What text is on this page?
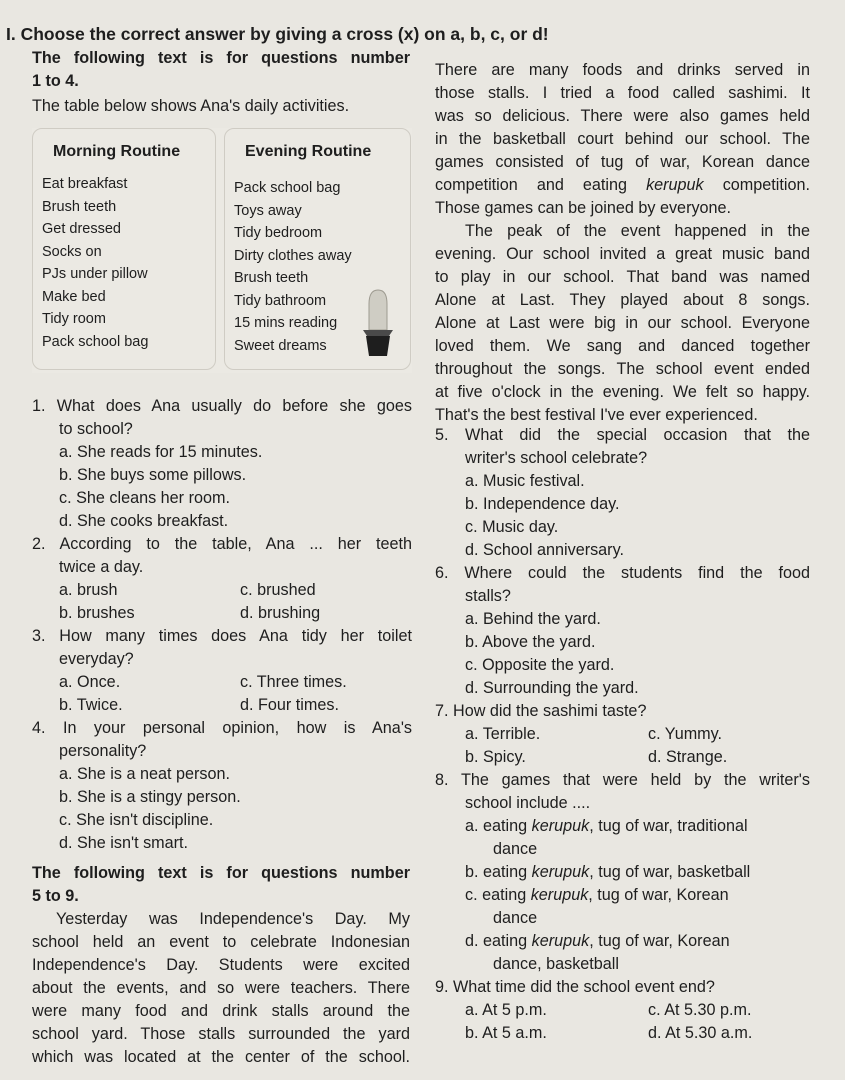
I. Choose the correct answer by giving a cross (x) on a, b, c, or d!
The following text is for questions number
1 to 4.
The table below shows Ana's daily activities.
Morning Routine
Eat breakfast
Brush teeth
Get dressed
Socks on
PJs under pillow
Make bed
Tidy room
Pack school bag
Evening Routine
Pack school bag
Toys away
Tidy bedroom
Dirty clothes away
Brush teeth
Tidy bathroom
15 mins reading
Sweet dreams
1. What does Ana usually do before she goes
to school?
a. She reads for 15 minutes.
b. She buys some pillows.
c. She cleans her room.
d. She cooks breakfast.
2. According to the table, Ana ... her teeth
twice a day.
a. brush	c. brushed
b. brushes	d. brushing
3. How many times does Ana tidy her toilet
everyday?
a. Once.	c. Three times.
b. Twice.	d. Four times.
4. In your personal opinion, how is Ana's
personality?
a. She is a neat person.
b. She is a stingy person.
c. She isn't discipline.
d. She isn't smart.
The following text is for questions number
5 to 9.
Yesterday was Independence's Day. My
school held an event to celebrate Indonesian
Independence's Day. Students were excited
about the events, and so were teachers. There
were many food and drink stalls around the
school yard. Those stalls surrounded the yard
which was located at the center of the school.
There are many foods and drinks served in
those stalls. I tried a food called sashimi. It
was so delicious. There were also games held
in the basketball court behind our school. The
games consisted of tug of war, Korean dance
competition and eating kerupuk competition.
Those games can be joined by everyone.
The peak of the event happened in the
evening. Our school invited a great music band
to play in our school. That band was named
Alone at Last. They played about 8 songs.
Alone at Last were big in our school. Everyone
loved them. We sang and danced together
throughout the songs. The school event ended
at five o'clock in the evening. We felt so happy.
That's the best festival I've ever experienced.
5. What did the special occasion that the
writer's school celebrate?
a. Music festival.
b. Independence day.
c. Music day.
d. School anniversary.
6. Where could the students find the food
stalls?
a. Behind the yard.
b. Above the yard.
c. Opposite the yard.
d. Surrounding the yard.
7. How did the sashimi taste?
a. Terrible.	c. Yummy.
b. Spicy.	d. Strange.
8. The games that were held by the writer's
school include ....
a. eating kerupuk, tug of war, traditional
dance
b. eating kerupuk, tug of war, basketball
c. eating kerupuk, tug of war, Korean
dance
d. eating kerupuk, tug of war, Korean
dance, basketball
9. What time did the school event end?
a. At 5 p.m.	c. At 5.30 p.m.
b. At 5 a.m.	d. At 5.30 a.m.
